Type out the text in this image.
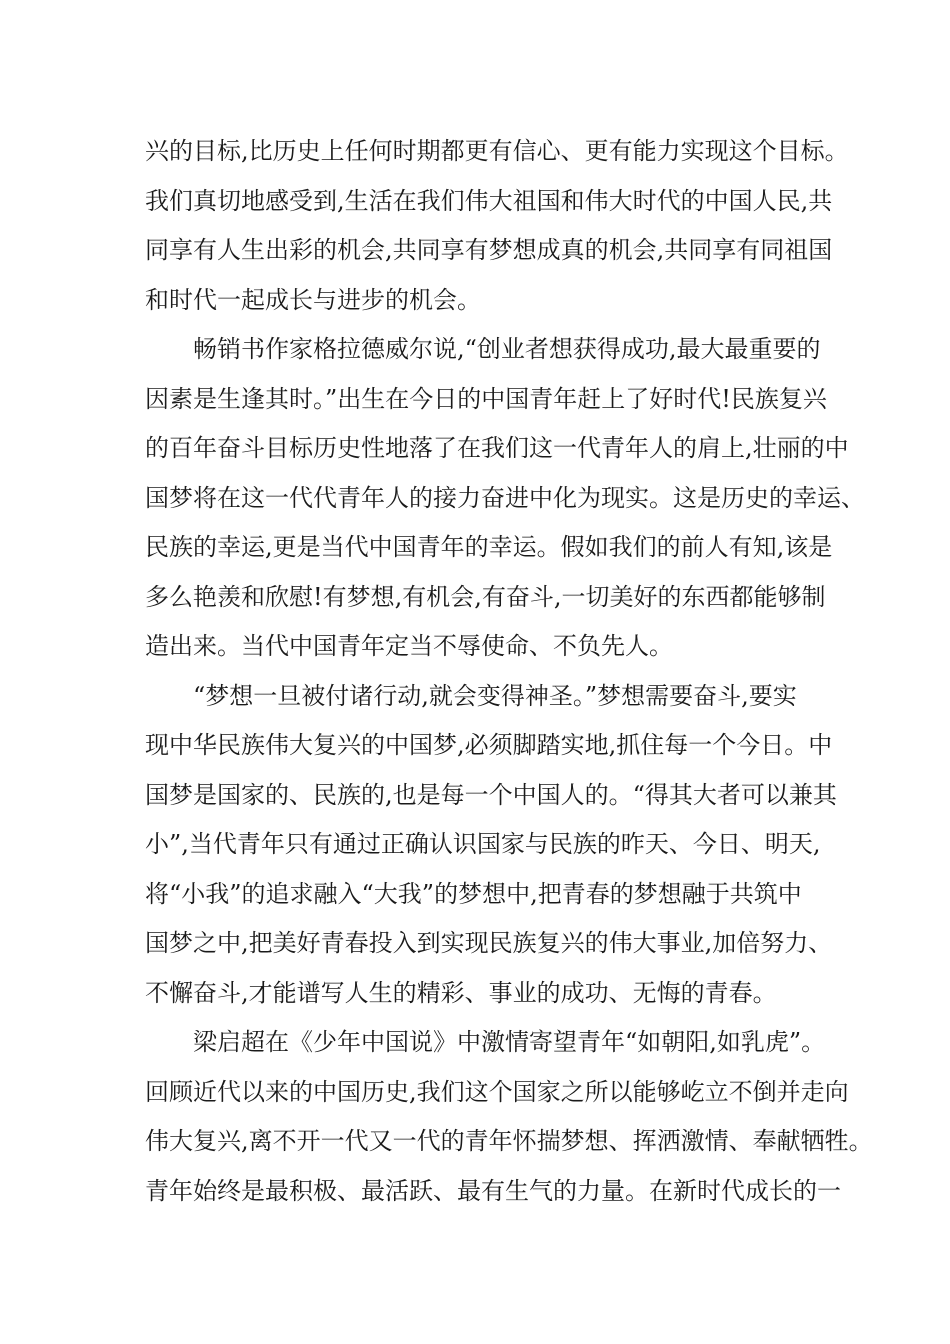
兴的目标,比历史上任何时期都更有信心、更有能力实现这个目标。
我们真切地感受到,生活在我们伟大祖国和伟大时代的中国人民,共
同享有人生出彩的机会,共同享有梦想成真的机会,共同享有同祖国
和时代一起成长与进步的机会。
畅销书作家格拉德威尔说,“创业者想获得成功,最大最重要的
因素是生逢其时。”出生在今日的中国青年赶上了好时代!民族复兴
的百年奋斗目标历史性地落了在我们这一代青年人的肩上,壮丽的中
国梦将在这一代代青年人的接力奋进中化为现实。这是历史的幸运、
民族的幸运,更是当代中国青年的幸运。假如我们的前人有知,该是
多么艳羡和欣慰!有梦想,有机会,有奋斗,一切美好的东西都能够制
造出来。当代中国青年定当不辱使命、不负先人。
“梦想一旦被付诸行动,就会变得神圣。”梦想需要奋斗,要实
现中华民族伟大复兴的中国梦,必须脚踏实地,抓住每一个今日。中
国梦是国家的、民族的,也是每一个中国人的。“得其大者可以兼其
小”,当代青年只有通过正确认识国家与民族的昨天、今日、明天,
将“小我”的追求融入“大我”的梦想中,把青春的梦想融于共筑中
国梦之中,把美好青春投入到实现民族复兴的伟大事业,加倍努力、
不懈奋斗,才能谱写人生的精彩、事业的成功、无悔的青春。
梁启超在《少年中国说》中激情寄望青年“如朝阳,如乳虎”。
回顾近代以来的中国历史,我们这个国家之所以能够屹立不倒并走向
伟大复兴,离不开一代又一代的青年怀揣梦想、挥洒激情、奉献牺牲。
青年始终是最积极、最活跃、最有生气的力量。在新时代成长的一
